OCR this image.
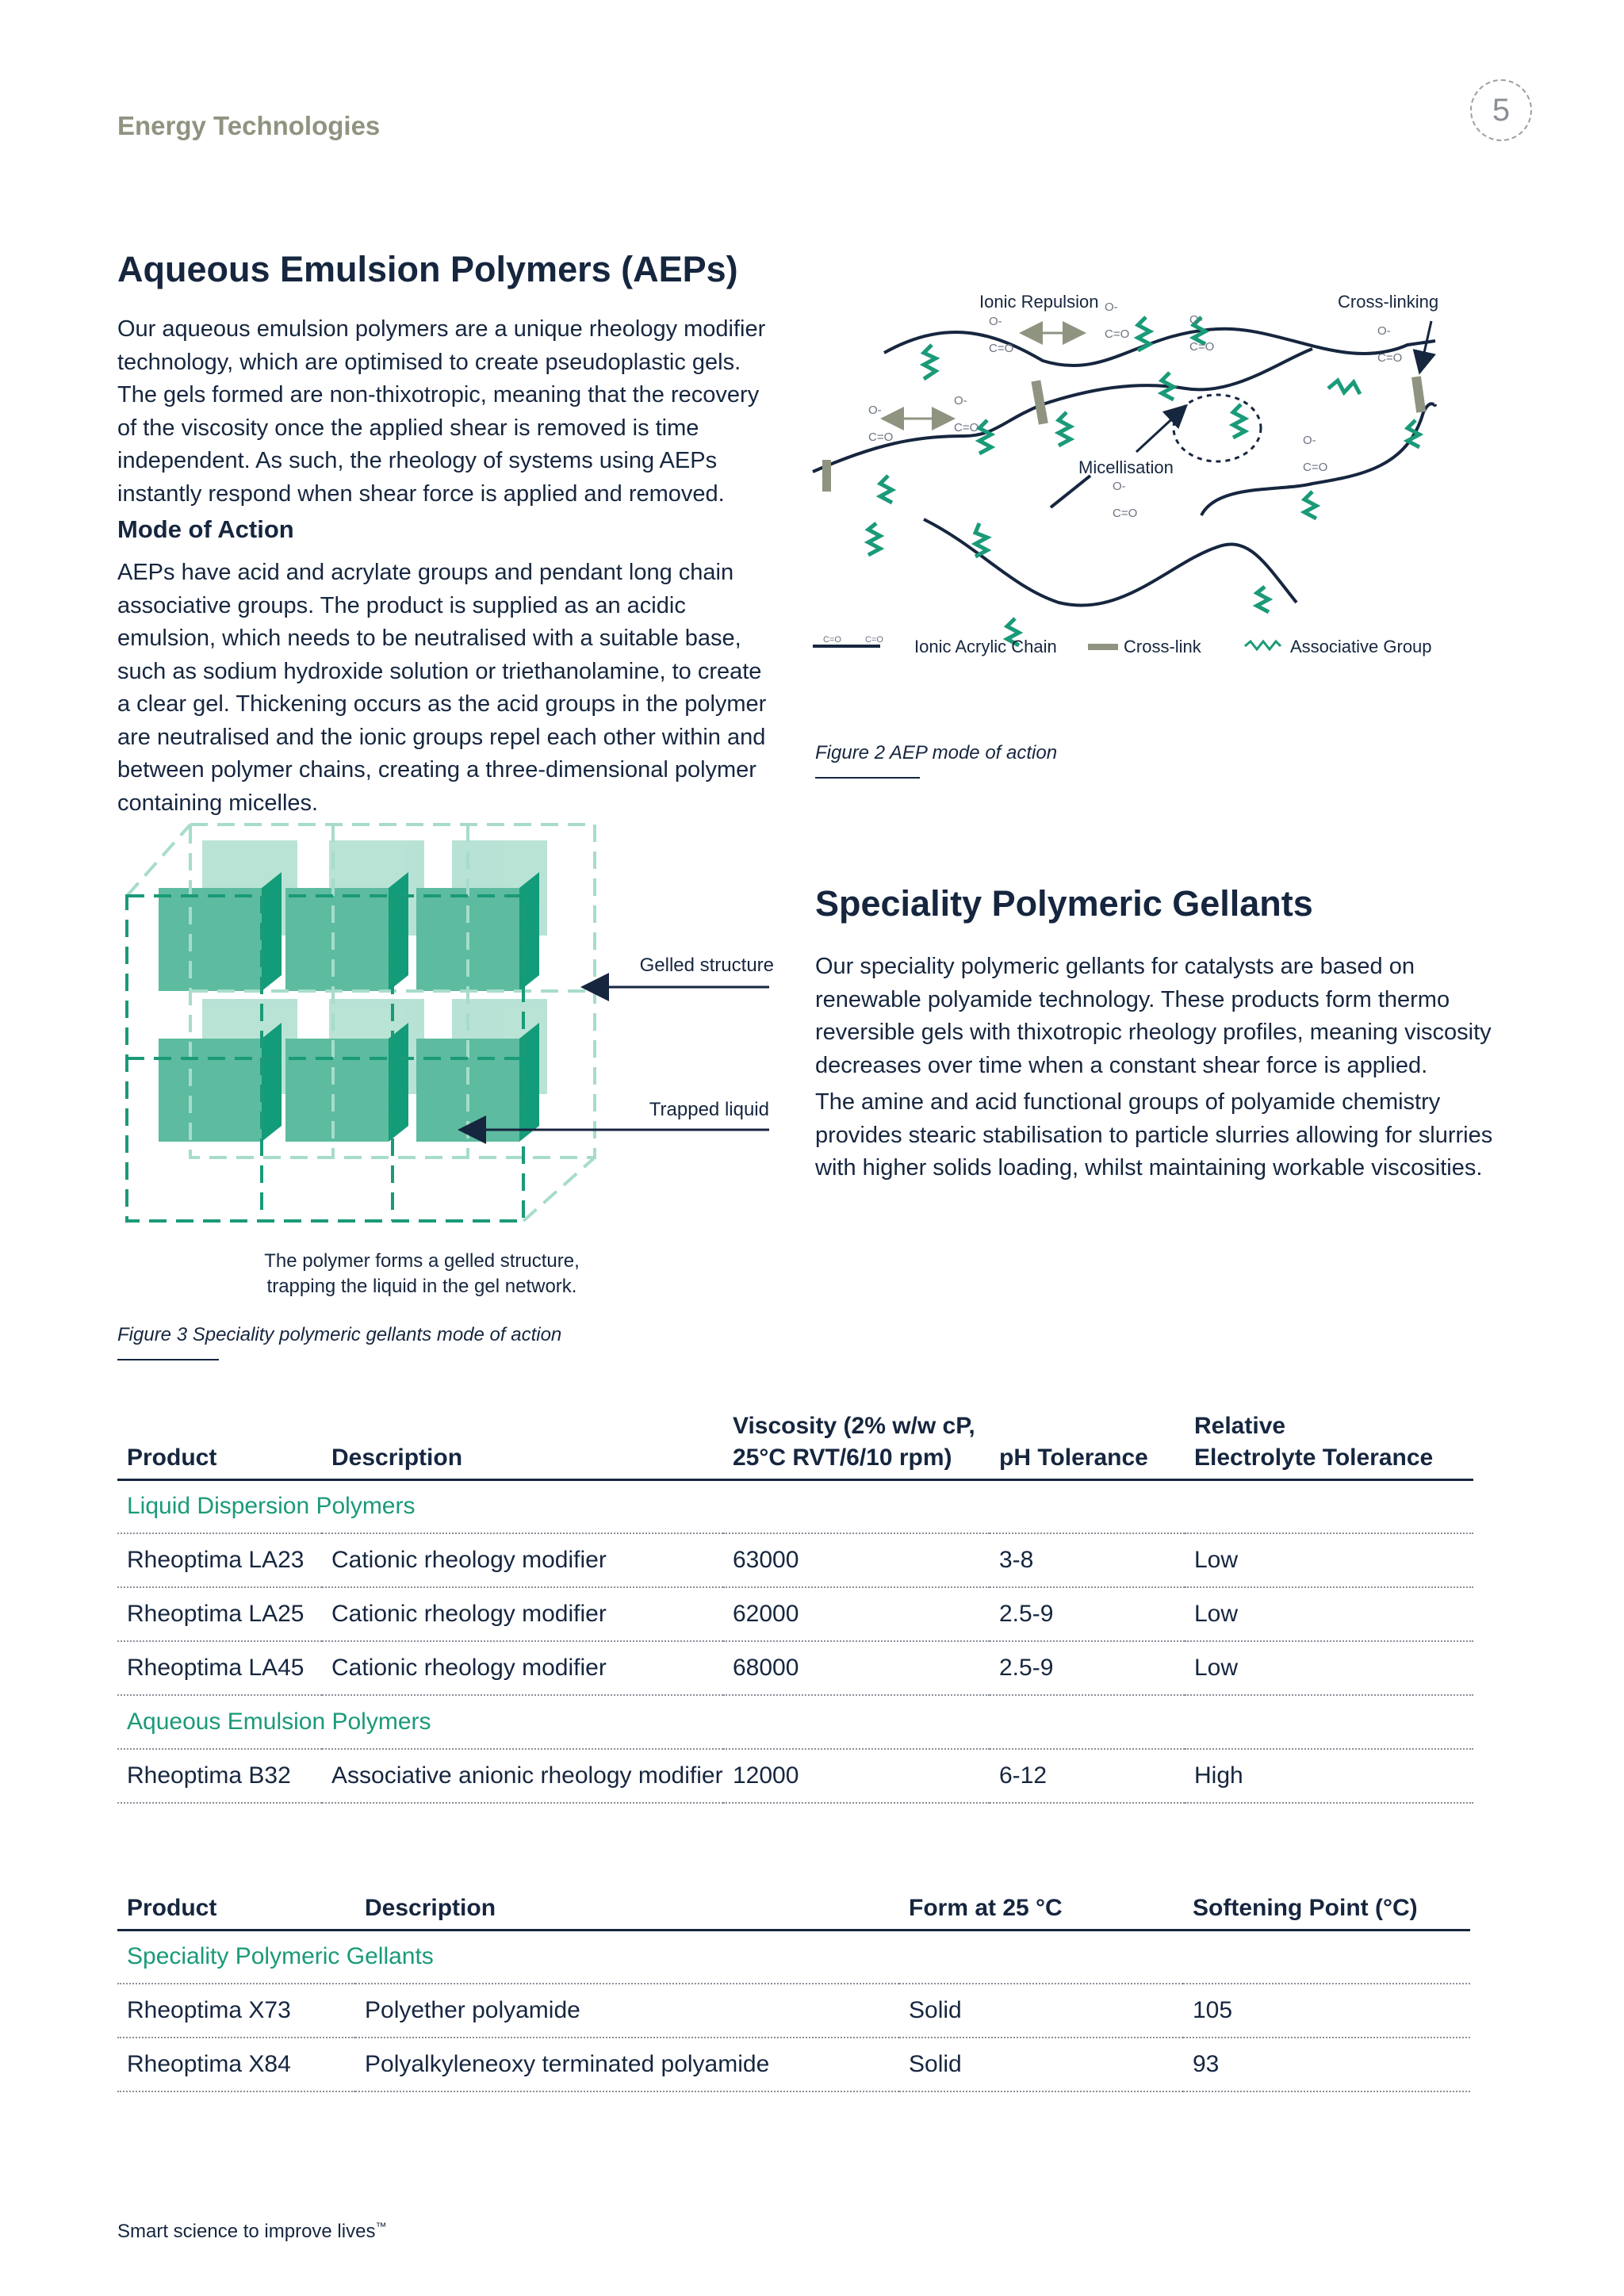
Energy Technologies	5
Aqueous Emulsion Polymers (AEPs)

Our aqueous emulsion polymers are a unique rheology modifier technology, which are optimised to create pseudoplastic gels. The gels formed are non-thixotropic, meaning that the recovery of the viscosity once the applied shear is removed is time independent. As such, the rheology of systems using AEPs instantly respond when shear force is applied and removed.

Mode of Action

AEPs have acid and acrylate groups and pendant long chain associative groups. The product is supplied as an acidic emulsion, which needs to be neutralised with a suitable base, such as sodium hydroxide solution or triethanolamine, to create a clear gel. Thickening occurs as the acid groups in the polymer are neutralised and the ionic groups repel each other within and between polymer chains, creating a three-dimensional polymer containing micelles.

Ionic Repulsion	Cross-linking
Micellisation
O-
C=O
O-
C=O
O-
C=O
O-
C=O
O-
C=O
O-
C=O
O-
C=O
O-
C=O
C=O	C=O Ionic Acrylic Chain	Cross-link	Associative Group
Figure 2 AEP mode of action
Gelled structure
Trapped liquid
The polymer forms a gelled structure,
trapping the liquid in the gel network.
Figure 3 Speciality polymeric gellants mode of action
Speciality Polymeric Gellants

Our speciality polymeric gellants for catalysts are based on renewable polyamide technology. These products form thermo reversible gels with thixotropic rheology profiles, meaning viscosity decreases over time when a constant shear force is applied.

The amine and acid functional groups of polyamide chemistry provides stearic stabilisation to particle slurries allowing for slurries with higher solids loading, whilst maintaining workable viscosities.

Product	Description	Viscosity (2% w/w cP,
25°C RVT/6/10 rpm)	pH Tolerance	Relative
Electrolyte Tolerance
Liquid Dispersion Polymers				
Rheoptima LA23	Cationic rheology modifier	63000	3-8	Low
Rheoptima LA25	Cationic rheology modifier	62000	2.5-9	Low
Rheoptima LA45	Cationic rheology modifier	68000	2.5-9	Low
Aqueous Emulsion Polymers				
Rheoptima B32	Associative anionic rheology modifier	12000	6-12	High
Product	Description	Form at 25 °C	Softening Point (°C)
Speciality Polymeric Gellants			
Rheoptima X73	Polyether polyamide	Solid	105
Rheoptima X84	Polyalkyleneoxy terminated polyamide	Solid	93
Smart science to improve lives™
